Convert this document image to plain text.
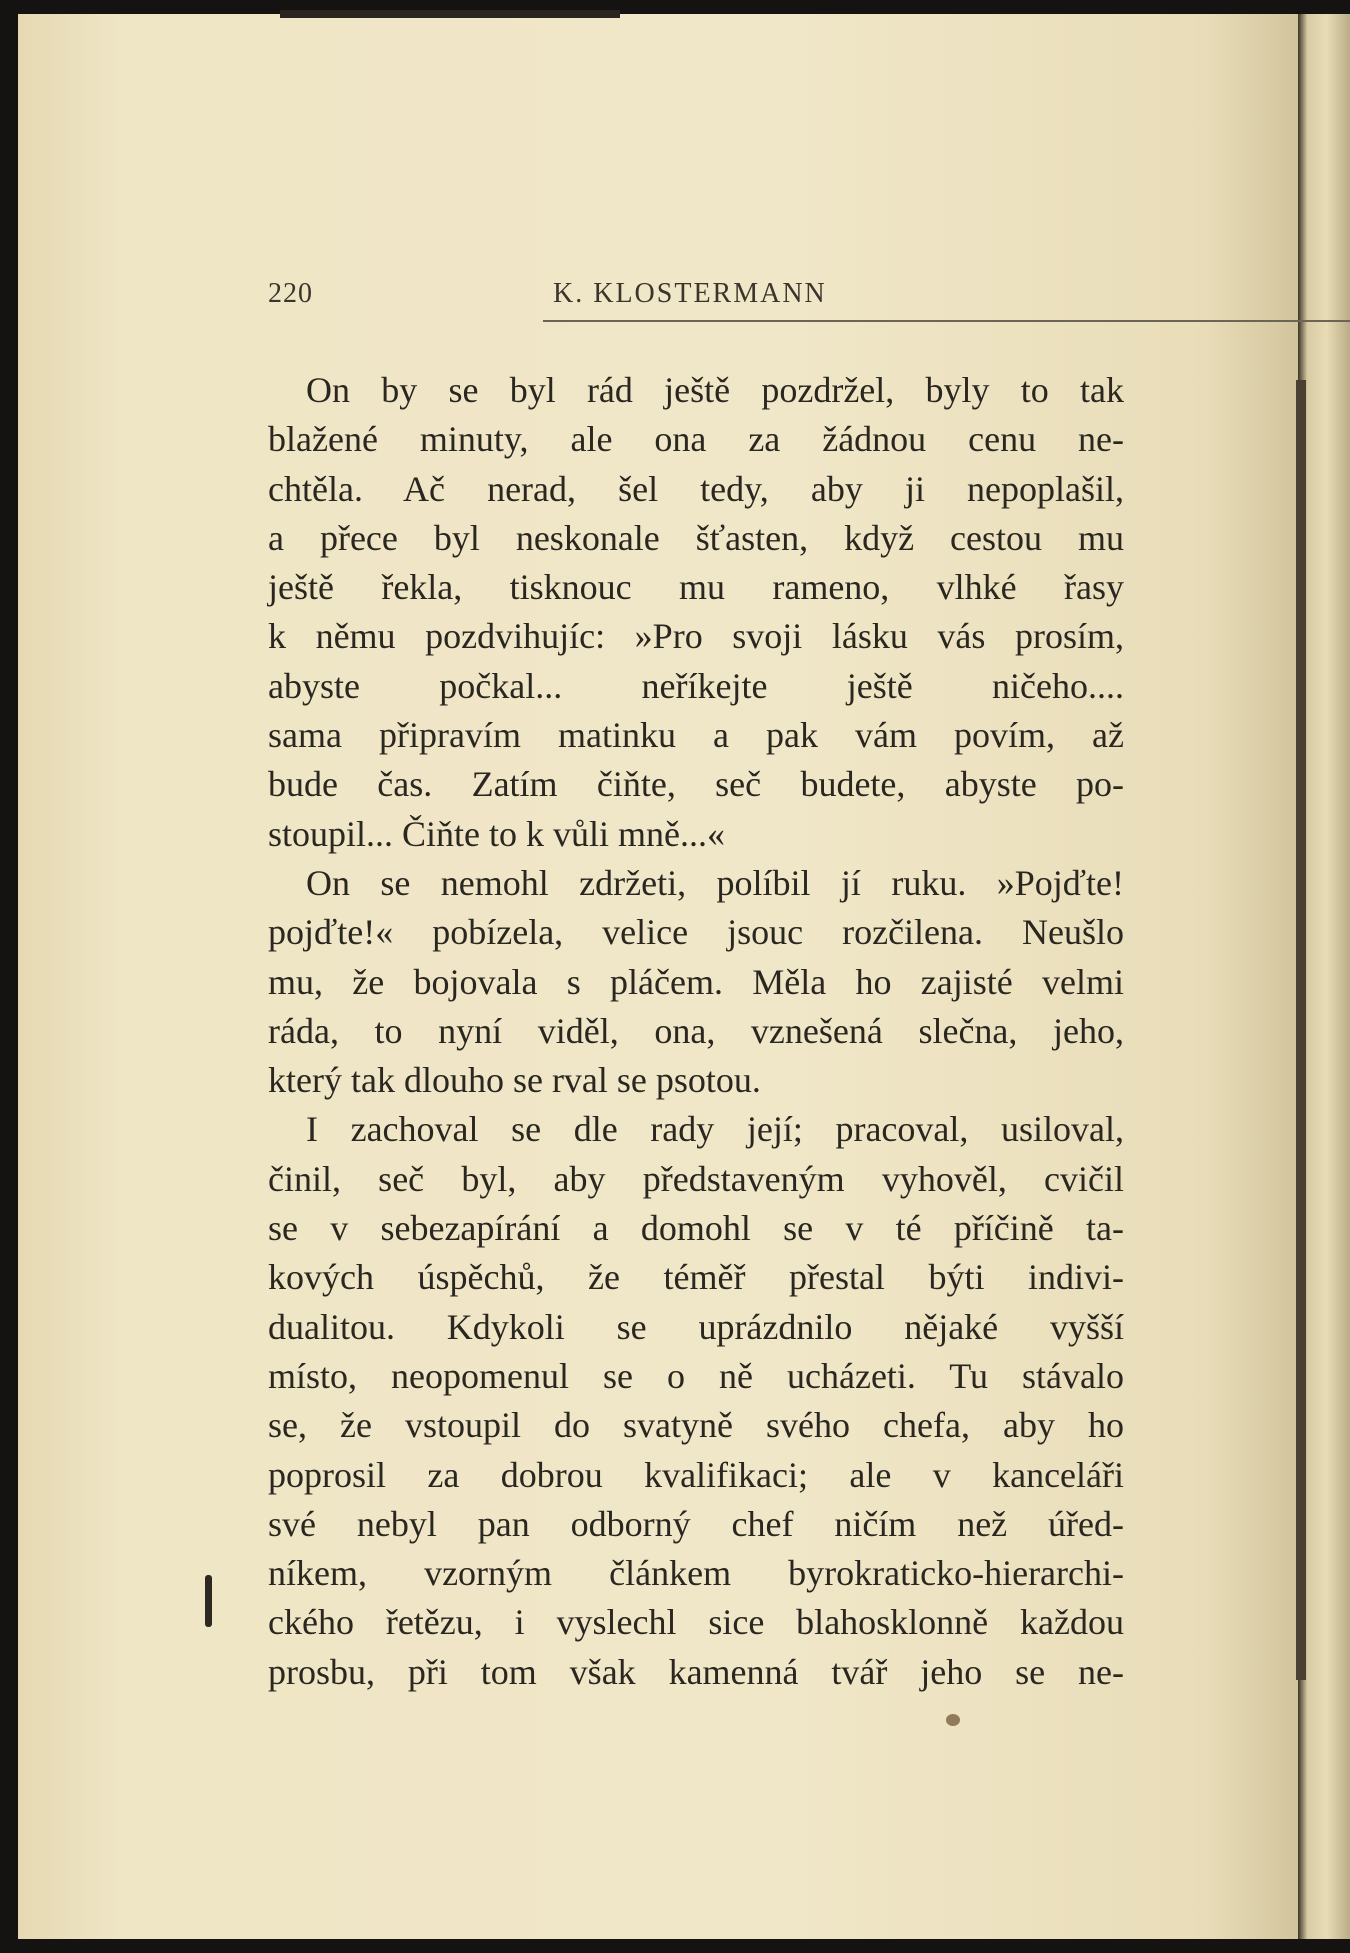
220	K. KLOSTERMANN
On by se byl rád ještě pozdržel, byly to tak
blažené minuty, ale ona za žádnou cenu ne-
chtěla. Ač nerad, šel tedy, aby ji nepoplašil,
a přece byl neskonale šťasten, když cestou mu
ještě řekla, tisknouc mu rameno, vlhké řasy
k němu pozdvihujíc: »Pro svoji lásku vás prosím,
abyste počkal... neříkejte ještě ničeho....
sama připravím matinku a pak vám povím, až
bude čas. Zatím čiňte, seč budete, abyste po-
stoupil... Čiňte to k vůli mně...«
On se nemohl zdržeti, políbil jí ruku. »Pojďte!
pojďte!« pobízela, velice jsouc rozčilena. Neušlo
mu, že bojovala s pláčem. Měla ho zajisté velmi
ráda, to nyní viděl, ona, vznešená slečna, jeho,
který tak dlouho se rval se psotou.
I zachoval se dle rady její; pracoval, usiloval,
činil, seč byl, aby představeným vyhověl, cvičil
se v sebezapírání a domohl se v té příčině ta-
kových úspěchů, že téměř přestal býti indivi-
dualitou. Kdykoli se uprázdnilo nějaké vyšší
místo, neopomenul se o ně ucházeti. Tu stávalo
se, že vstoupil do svatyně svého chefa, aby ho
poprosil za dobrou kvalifikaci; ale v kanceláři
své nebyl pan odborný chef ničím než úřed-
níkem, vzorným článkem byrokraticko-hierarchi-
ckého řetězu, i vyslechl sice blahosklonně každou
prosbu, při tom však kamenná tvář jeho se ne-
